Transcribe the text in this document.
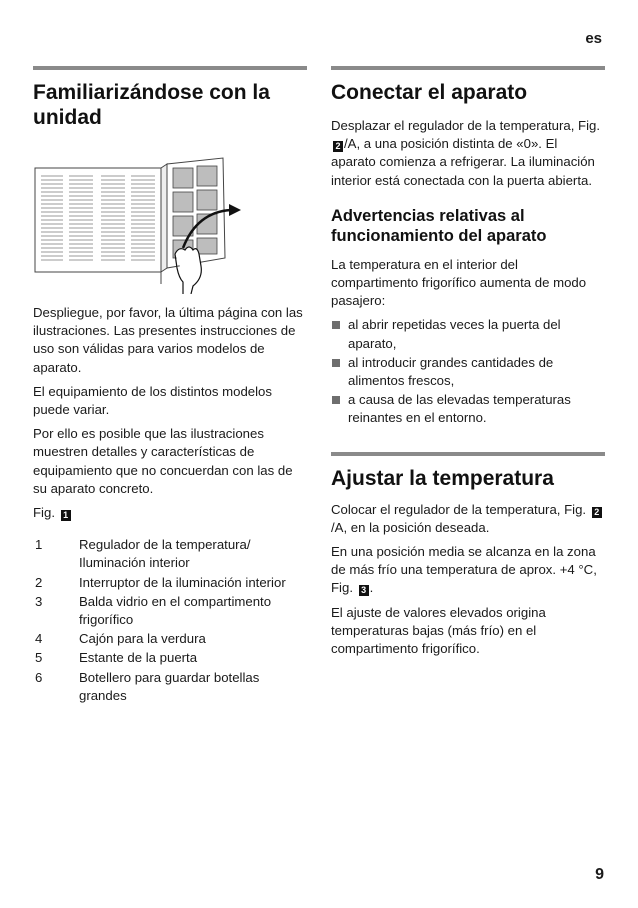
es
Familiarizándose con la unidad

Despliegue, por favor, la última página con las ilustraciones. Las presentes instrucciones de uso son válidas para varios modelos de aparato.

El equipamiento de los distintos modelos puede variar.

Por ello es posible que las ilustraciones muestren detalles y características de equipamiento que no concuerdan con las de su aparato concreto.

Fig. 1

1	Regulador de la temperatura/ Iluminación interior
2	Interruptor de la iluminación interior
3	Balda vidrio en el compartimento frigorífico
4	Cajón para la verdura
5	Estante de la puerta
6	Botellero para guardar botellas grandes
Conectar el aparato

Desplazar el regulador de la temperatura, Fig. 2 /A, a una posición distinta de «0». El aparato comienza a refrigerar. La iluminación interior está conectada con la puerta abierta.

Advertencias relativas al funcionamiento del aparato

La temperatura en el interior del compartimento frigorífico aumenta de modo pasajero:

al abrir repetidas veces la puerta del aparato,
al introducir grandes cantidades de alimentos frescos,
a causa de las elevadas temperaturas reinantes en el entorno.
Ajustar la temperatura

Colocar el regulador de la temperatura, Fig. 2/A, en la posición deseada.

En una posición media se alcanza en la zona de más frío una temperatura de aprox. +4 °C, Fig. 3 .

El ajuste de valores elevados origina temperaturas bajas (más frío) en el compartimento frigorífico.

9
